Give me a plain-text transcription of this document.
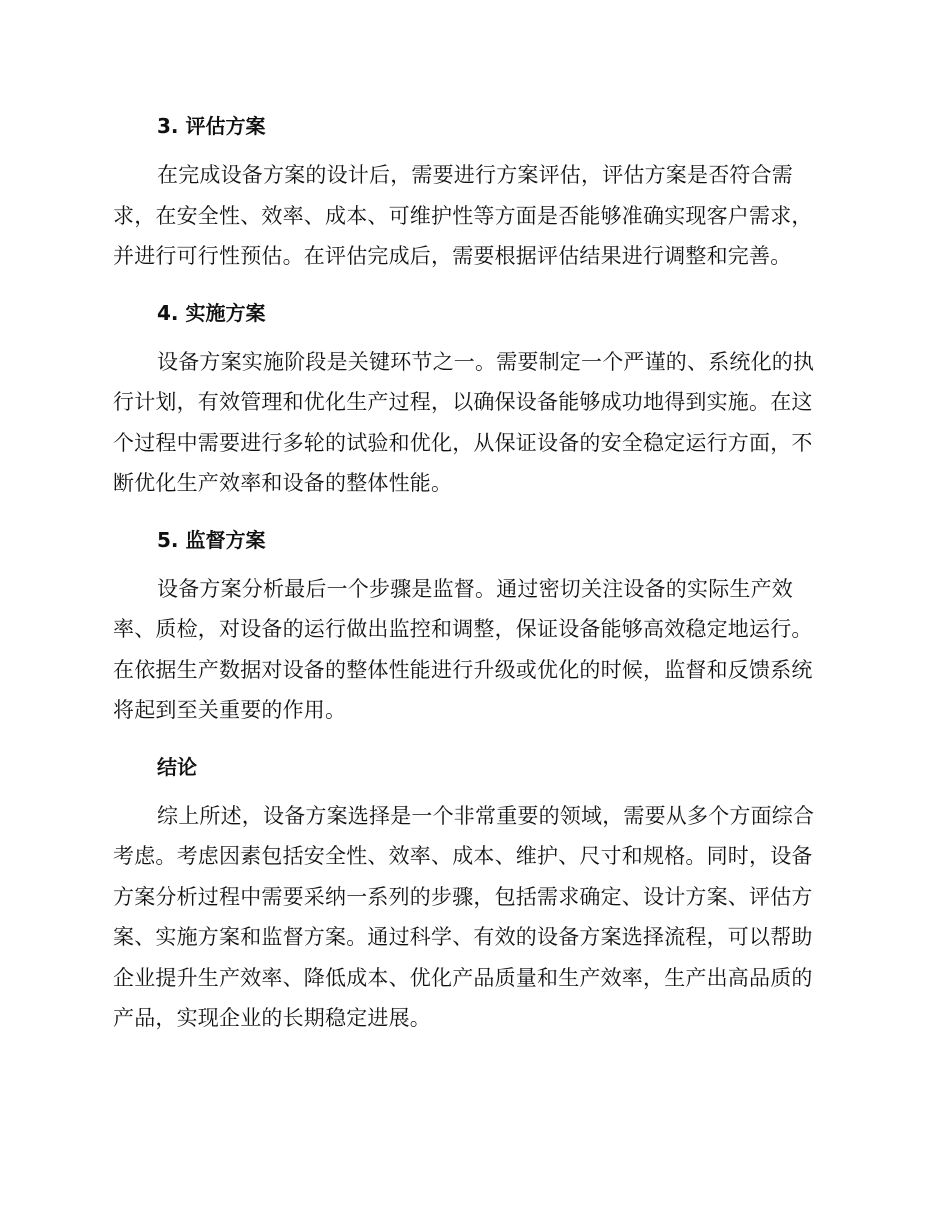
3. 评估方案

在完成设备方案的设计后，需要进行方案评估，评估方案是否符合需求，在安全性、效率、成本、可维护性等方面是否能够准确实现客户需求，并进行可行性预估。在评估完成后，需要根据评估结果进行调整和完善。

4. 实施方案

设备方案实施阶段是关键环节之一。需要制定一个严谨的、系统化的执行计划，有效管理和优化生产过程，以确保设备能够成功地得到实施。在这个过程中需要进行多轮的试验和优化，从保证设备的安全稳定运行方面，不断优化生产效率和设备的整体性能。

5. 监督方案

设备方案分析最后一个步骤是监督。通过密切关注设备的实际生产效率、质检，对设备的运行做出监控和调整，保证设备能够高效稳定地运行。在依据生产数据对设备的整体性能进行升级或优化的时候，监督和反馈系统将起到至关重要的作用。

结论

综上所述，设备方案选择是一个非常重要的领域，需要从多个方面综合考虑。考虑因素包括安全性、效率、成本、维护、尺寸和规格。同时，设备方案分析过程中需要采纳一系列的步骤，包括需求确定、设计方案、评估方案、实施方案和监督方案。通过科学、有效的设备方案选择流程，可以帮助企业提升生产效率、降低成本、优化产品质量和生产效率，生产出高品质的产品，实现企业的长期稳定进展。
